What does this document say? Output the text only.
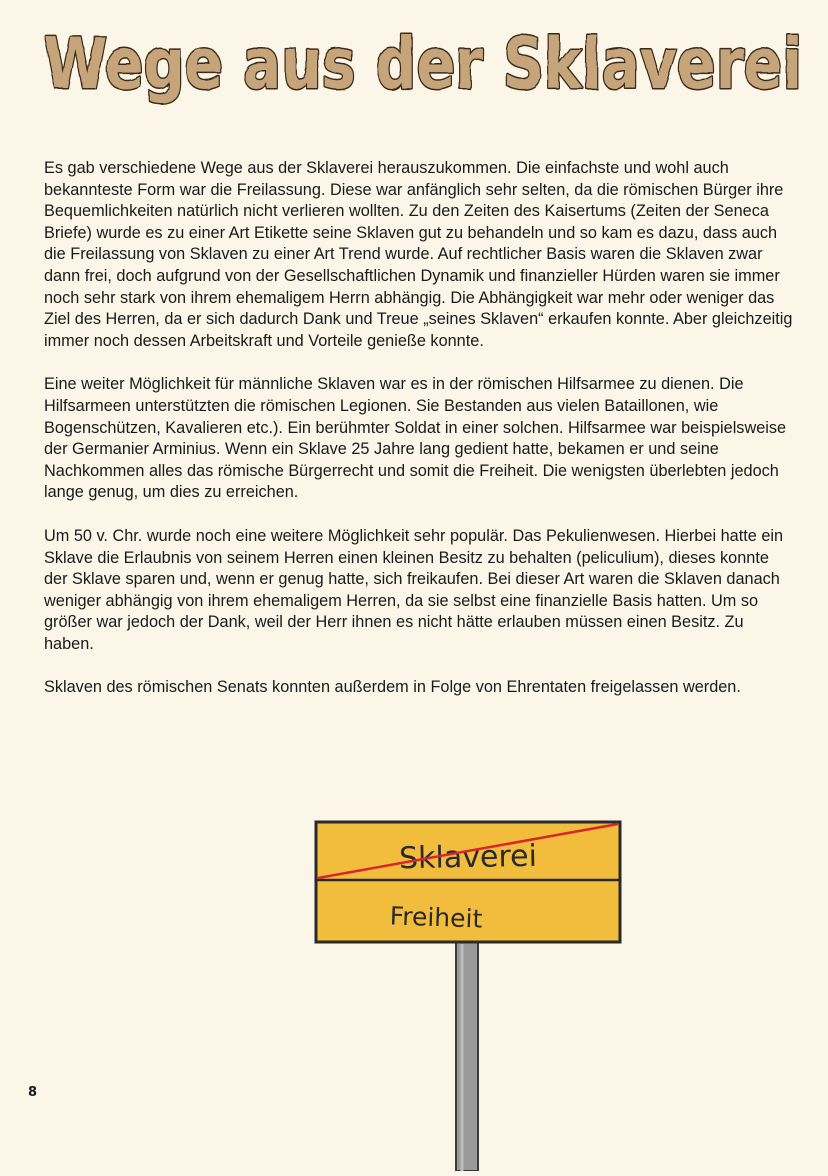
Wege aus der Sklaverei

Es gab verschiedene Wege aus der Sklaverei herauszukommen. Die einfachste und wohl auch bekannteste Form war die Freilassung. Diese war anfänglich sehr selten, da die römischen Bürger ihre Bequemlichkeiten natürlich nicht verlieren wollten. Zu den Zeiten des Kaisertums (Zeiten der Seneca Briefe) wurde es zu einer Art Etikette seine Sklaven gut zu behandeln und so kam es dazu, dass auch die Freilassung von Sklaven zu einer Art Trend wurde. Auf rechtlicher Basis waren die Sklaven zwar dann frei, doch aufgrund von der Gesellschaftlichen Dynamik und finanzieller Hürden waren sie immer noch sehr stark von ihrem ehemaligem Herrn abhängig. Die Abhängigkeit war mehr oder weniger das Ziel des Herren, da er sich dadurch Dank und Treue „seines Sklaven“ erkaufen konnte. Aber gleichzeitig immer noch dessen Arbeitskraft und Vorteile genieße konnte.

Eine weiter Möglichkeit für männliche Sklaven war es in der römischen Hilfsarmee zu dienen. Die Hilfsarmeen unterstützten die römischen Legionen. Sie Bestanden aus vielen Bataillonen, wie Bogenschützen, Kavalieren etc.). Ein berühmter Soldat in einer solchen. Hilfsarmee war beispielsweise der Germanier Arminius. Wenn ein Sklave 25 Jahre lang gedient hatte, bekamen er und seine Nachkommen alles das römische Bürgerrecht und somit die Freiheit. Die wenigsten überlebten jedoch lange genug, um dies zu erreichen.

Um 50 v. Chr. wurde noch eine weitere Möglichkeit sehr populär. Das Pekulienwesen. Hierbei hatte ein Sklave die Erlaubnis von seinem Herren einen kleinen Besitz zu behalten (peliculium), dieses konnte der Sklave sparen und, wenn er genug hatte, sich freikaufen. Bei dieser Art waren die Sklaven danach weniger abhängig von ihrem ehemaligem Herren, da sie selbst eine finanzielle Basis hatten. Um so größer war jedoch der Dank, weil der Herr ihnen es nicht hätte erlauben müssen einen Besitz. Zu haben.

Sklaven des römischen Senats konnten außerdem in Folge von Ehrentaten freigelassen werden.

Sklaverei
Freiheit
8
